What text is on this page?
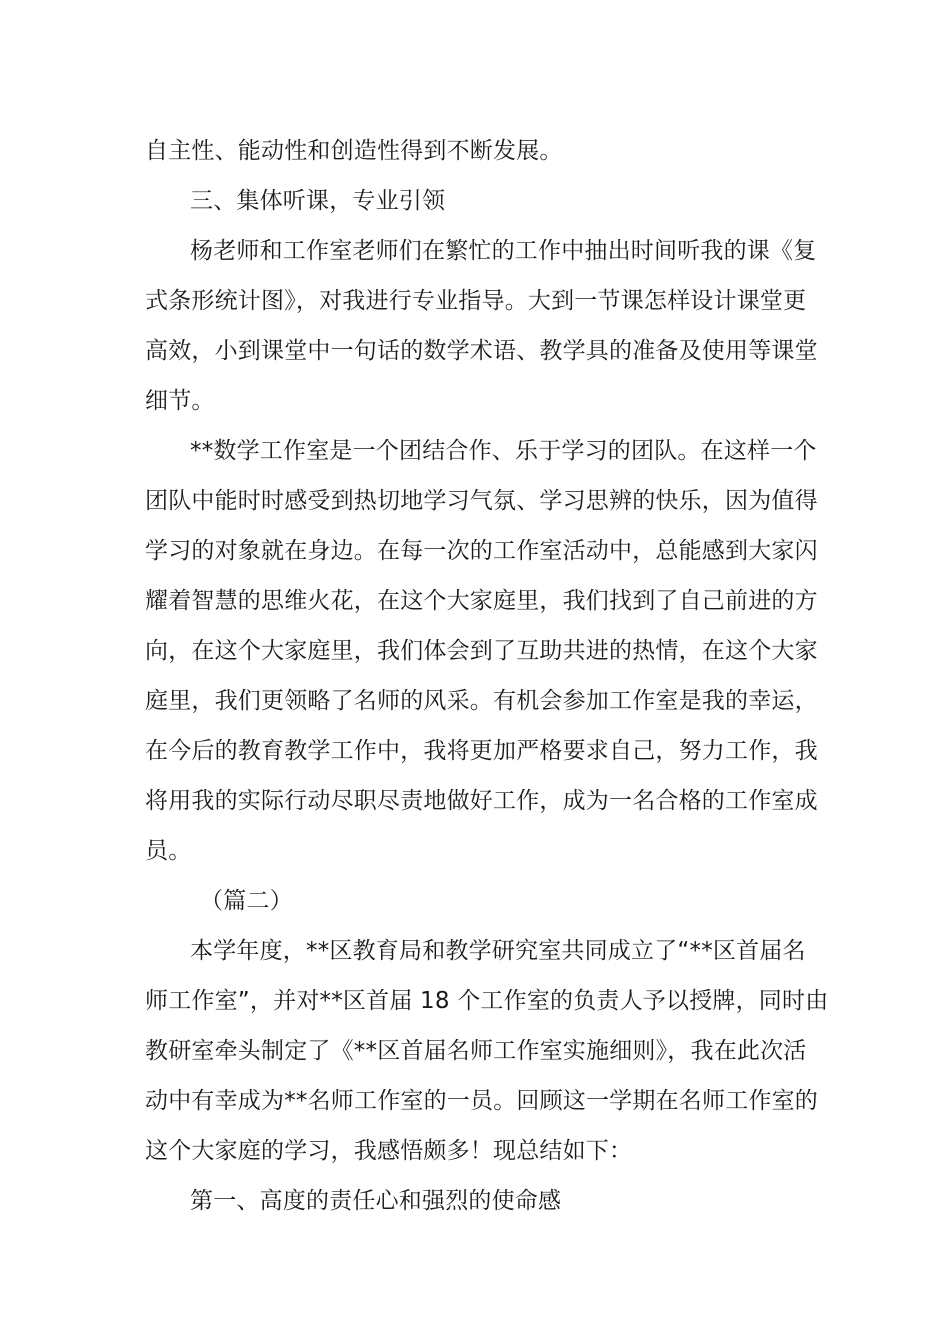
自主性、能动性和创造性得到不断发展。
三、集体听课，专业引领
杨老师和工作室老师们在繁忙的工作中抽出时间听我的课《复
式条形统计图》，对我进行专业指导。大到一节课怎样设计课堂更
高效，小到课堂中一句话的数学术语、教学具的准备及使用等课堂
细节。
**数学工作室是一个团结合作、乐于学习的团队。在这样一个
团队中能时时感受到热切地学习气氛、学习思辨的快乐，因为值得
学习的对象就在身边。在每一次的工作室活动中，总能感到大家闪
耀着智慧的思维火花，在这个大家庭里，我们找到了自己前进的方
向，在这个大家庭里，我们体会到了互助共进的热情，在这个大家
庭里，我们更领略了名师的风采。有机会参加工作室是我的幸运，
在今后的教育教学工作中，我将更加严格要求自己，努力工作，我
将用我的实际行动尽职尽责地做好工作，成为一名合格的工作室成
员。
（篇二）
本学年度，**区教育局和教学研究室共同成立了“**区首届名
师工作室”，并对**区首届 18 个工作室的负责人予以授牌，同时由
教研室牵头制定了《**区首届名师工作室实施细则》，我在此次活
动中有幸成为**名师工作室的一员。回顾这一学期在名师工作室的
这个大家庭的学习，我感悟颇多！现总结如下：
第一、高度的责任心和强烈的使命感
